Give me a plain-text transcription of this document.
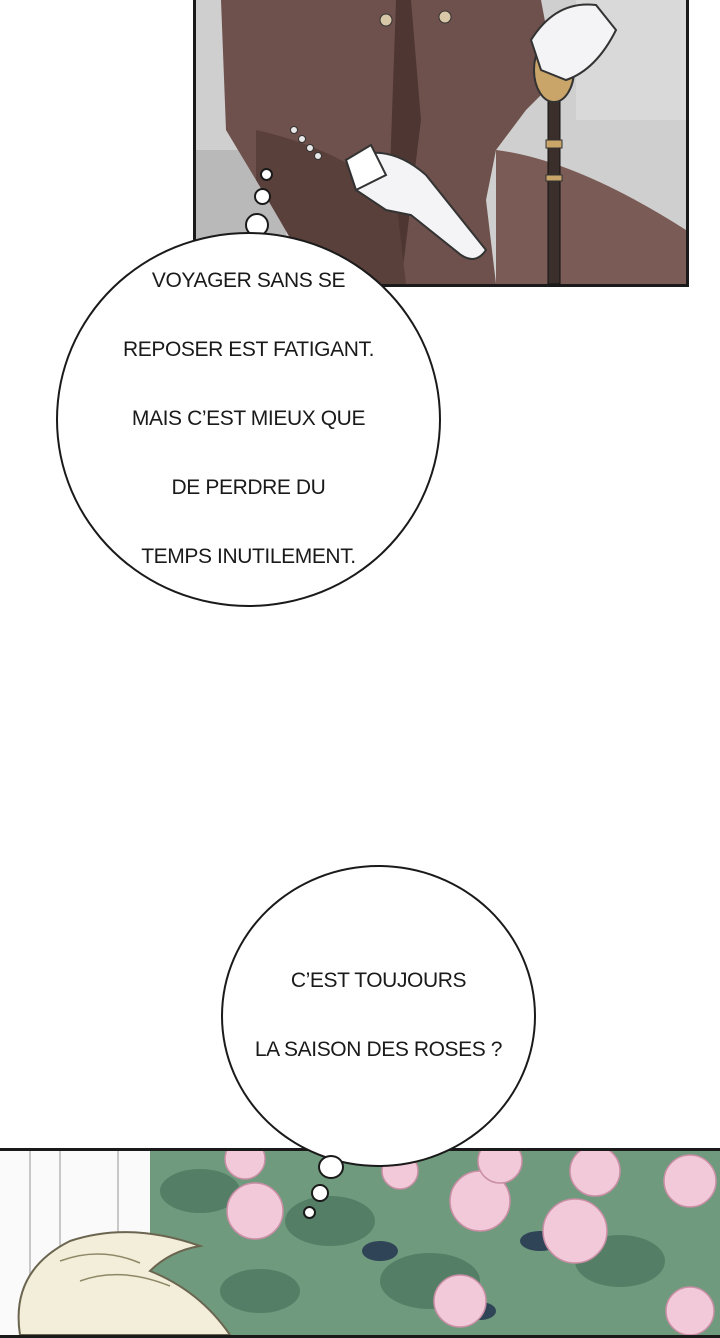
VOYAGER SANS SE

REPOSER EST FATIGANT.

MAIS C’EST MIEUX QUE

DE PERDRE DU

TEMPS INUTILEMENT.

C’EST TOUJOURS

LA SAISON DES ROSES ?
